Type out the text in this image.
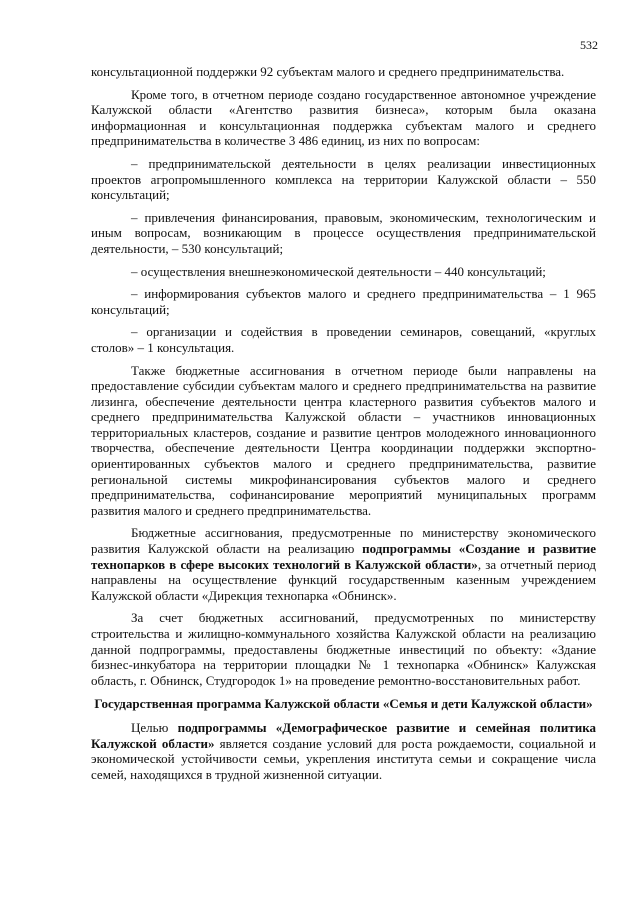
532

консультационной поддержки 92 субъектам малого и среднего предпринимательства.

Кроме того, в отчетном периоде создано государственное автономное учреждение Калужской области «Агентство развития бизнеса», которым была оказана информационная и консультационная поддержка субъектам малого и среднего предпринимательства в количестве 3 486 единиц, из них по вопросам:

– предпринимательской деятельности в целях реализации инвестиционных проектов агропромышленного комплекса на территории Калужской области – 550 консультаций;

– привлечения финансирования, правовым, экономическим, технологическим и иным вопросам, возникающим в процессе осуществления предпринимательской деятельности, – 530 консультаций;

– осуществления внешнеэкономической деятельности – 440 консультаций;

– информирования субъектов малого и среднего предпринимательства – 1 965 консультаций;

– организации и содействия в проведении семинаров, совещаний, «круглых столов» – 1 консультация.

Также бюджетные ассигнования в отчетном периоде были направлены на предоставление субсидии субъектам малого и среднего предпринимательства на развитие лизинга, обеспечение деятельности центра кластерного развития субъектов малого и среднего предпринимательства Калужской области – участников инновационных территориальных кластеров, создание и развитие центров молодежного инновационного творчества, обеспечение деятельности Центра координации поддержки экспортно-ориентированных субъектов малого и среднего предпринимательства, развитие региональной системы микрофинансирования субъектов малого и среднего предпринимательства, софинансирование мероприятий муниципальных программ развития малого и среднего предпринимательства.

Бюджетные ассигнования, предусмотренные по министерству экономического развития Калужской области на реализацию подпрограммы «Создание и развитие технопарков в сфере высоких технологий в Калужской области», за отчетный период направлены на осуществление функций государственным казенным учреждением Калужской области «Дирекция технопарка «Обнинск».

За счет бюджетных ассигнований, предусмотренных по министерству строительства и жилищно-коммунального хозяйства Калужской области на реализацию данной подпрограммы, предоставлены бюджетные инвестиций по объекту: «Здание бизнес-инкубатора на территории площадки № 1 технопарка «Обнинск» Калужская область, г. Обнинск, Студгородок 1» на проведение ремонтно-восстановительных работ.

Государственная программа Калужской области «Семья и дети Калужской области»

Целью подпрограммы «Демографическое развитие и семейная политика Калужской области» является создание условий для роста рождаемости, социальной и экономической устойчивости семьи, укрепления института семьи и сокращение числа семей, находящихся в трудной жизненной ситуации.
